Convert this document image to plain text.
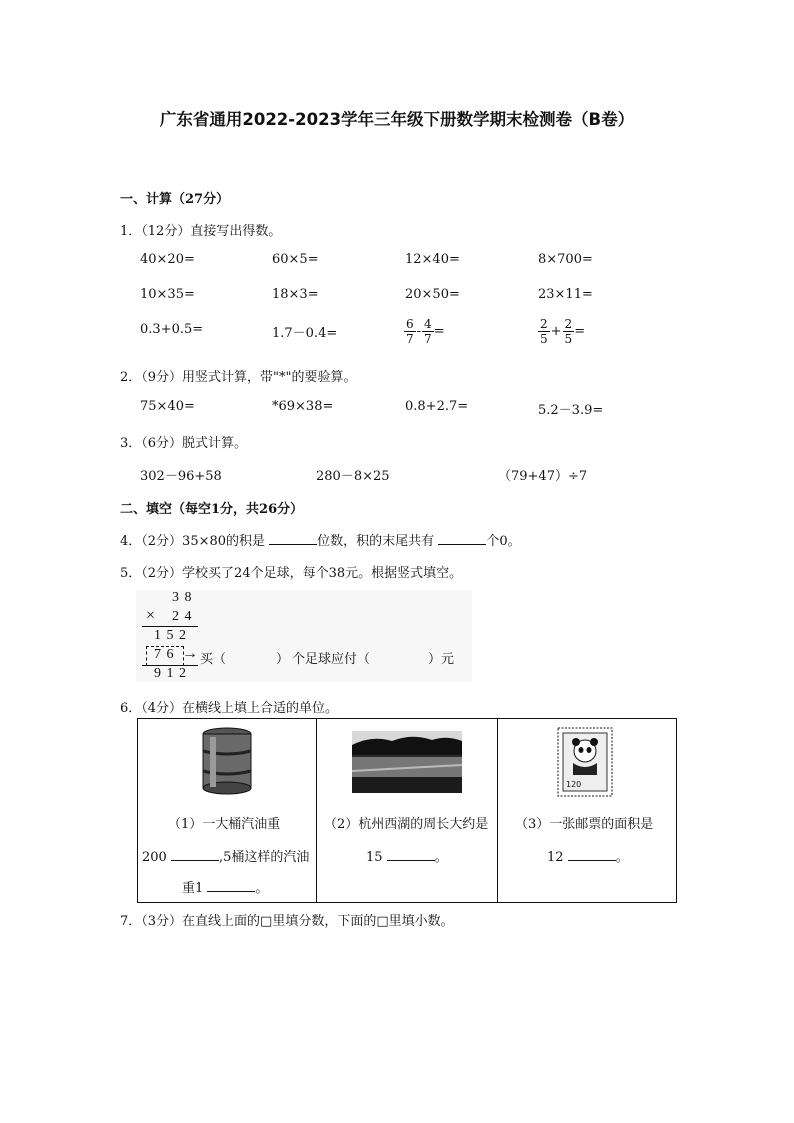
广东省通用2022-2023学年三年级下册数学期末检测卷（B卷）
一、计算（27分）
1．（12分）直接写出得数。
40×20=	60×5=	12×40=	8×700=
10×35=	18×3=	20×50=	23×11=
0.3+0.5=	1.7－0.4=	$\frac{6}{7} - \frac{4}{7}$ =	$\frac{2}{5} + \frac{2}{5}$ =
2．（9分）用竖式计算，带"*"的要验算。
75×40=	*69×38=	0.8+2.7=	5.2－3.9=
3．（6分）脱式计算。
302－96+58	280－8×25	（79+47）÷7
二、填空（每空1分，共26分）
4．（2分）35×80的积是	位数，积的末尾共有	个0。
5．（2分）学校买了24个足球，每个38元。根据竖式填空。
3 8
× 2 4
1 5 2
7 6 → 买（	） 个足球应付（	）元
9 1 2
6．（4分）在横线上填上合适的单位。
（1）一大桶汽油重
200	,5桶这样的汽油
重1	。
（2）杭州西湖的周长大约是
15	。
120
（3）一张邮票的面积是
12	。
7．（3分）在直线上面的□里填分数，下面的□里填小数。
